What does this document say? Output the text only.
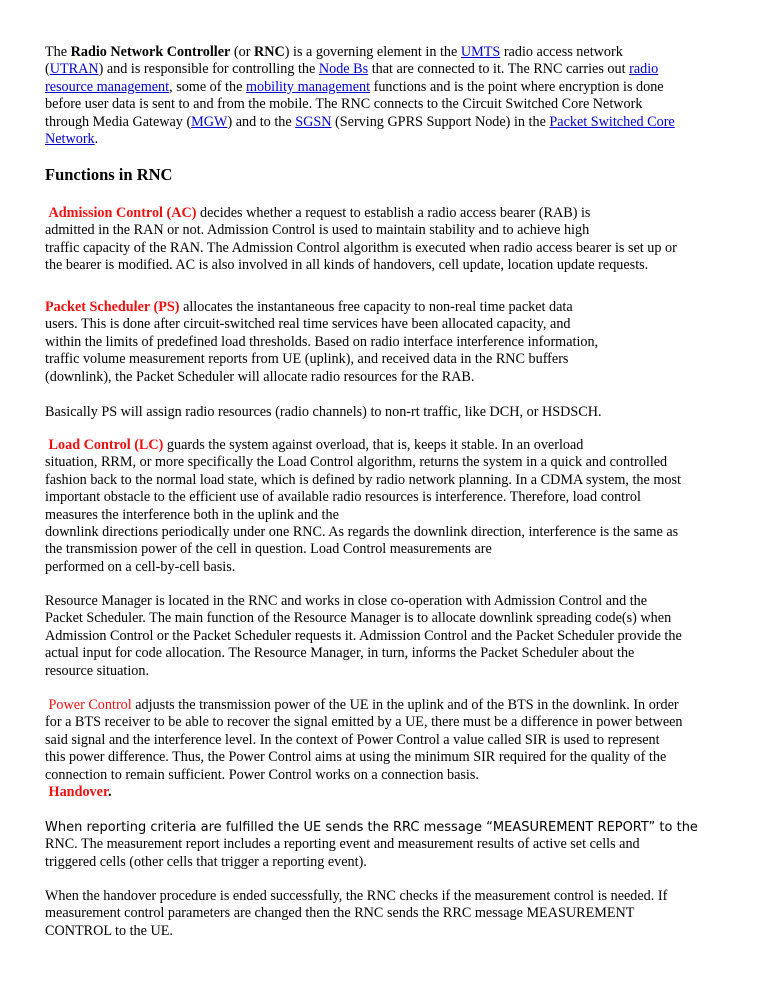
The Radio Network Controller (or RNC) is a governing element in the UMTS radio access network
(UTRAN) and is responsible for controlling the Node Bs that are connected to it. The RNC carries out radio
resource management, some of the mobility management functions and is the point where encryption is done
before user data is sent to and from the mobile. The RNC connects to the Circuit Switched Core Network
through Media Gateway (MGW) and to the SGSN (Serving GPRS Support Node) in the Packet Switched Core
Network.

Functions in RNC

Admission Control (AC) decides whether a request to establish a radio access bearer (RAB) is
admitted in the RAN or not. Admission Control is used to maintain stability and to achieve high
traffic capacity of the RAN. The Admission Control algorithm is executed when radio access bearer is set up or
the bearer is modified. AC is also involved in all kinds of handovers, cell update, location update requests.

Packet Scheduler (PS) allocates the instantaneous free capacity to non-real time packet data
users. This is done after circuit-switched real time services have been allocated capacity, and
within the limits of predefined load thresholds. Based on radio interface interference information,
traffic volume measurement reports from UE (uplink), and received data in the RNC buffers
(downlink), the Packet Scheduler will allocate radio resources for the RAB.

Basically PS will assign radio resources (radio channels) to non-rt traffic, like DCH, or HSDSCH.

Load Control (LC) guards the system against overload, that is, keeps it stable. In an overload
situation, RRM, or more specifically the Load Control algorithm, returns the system in a quick and controlled
fashion back to the normal load state, which is defined by radio network planning. In a CDMA system, the most
important obstacle to the efficient use of available radio resources is interference. Therefore, load control
measures the interference both in the uplink and the
downlink directions periodically under one RNC. As regards the downlink direction, interference is the same as
the transmission power of the cell in question. Load Control measurements are
performed on a cell-by-cell basis.

Resource Manager is located in the RNC and works in close co-operation with Admission Control and the
Packet Scheduler. The main function of the Resource Manager is to allocate downlink spreading code(s) when
Admission Control or the Packet Scheduler requests it. Admission Control and the Packet Scheduler provide the
actual input for code allocation. The Resource Manager, in turn, informs the Packet Scheduler about the
resource situation.

Power Control adjusts the transmission power of the UE in the uplink and of the BTS in the downlink. In order
for a BTS receiver to be able to recover the signal emitted by a UE, there must be a difference in power between
said signal and the interference level. In the context of Power Control a value called SIR is used to represent
this power difference. Thus, the Power Control aims at using the minimum SIR required for the quality of the
connection to remain sufficient. Power Control works on a connection basis.
Handover.

When reporting criteria are fulfilled the UE sends the RRC message “MEASUREMENT REPORT” to the
RNC. The measurement report includes a reporting event and measurement results of active set cells and
triggered cells (other cells that trigger a reporting event).

When the handover procedure is ended successfully, the RNC checks if the measurement control is needed. If
measurement control parameters are changed then the RNC sends the RRC message MEASUREMENT
CONTROL to the UE.
